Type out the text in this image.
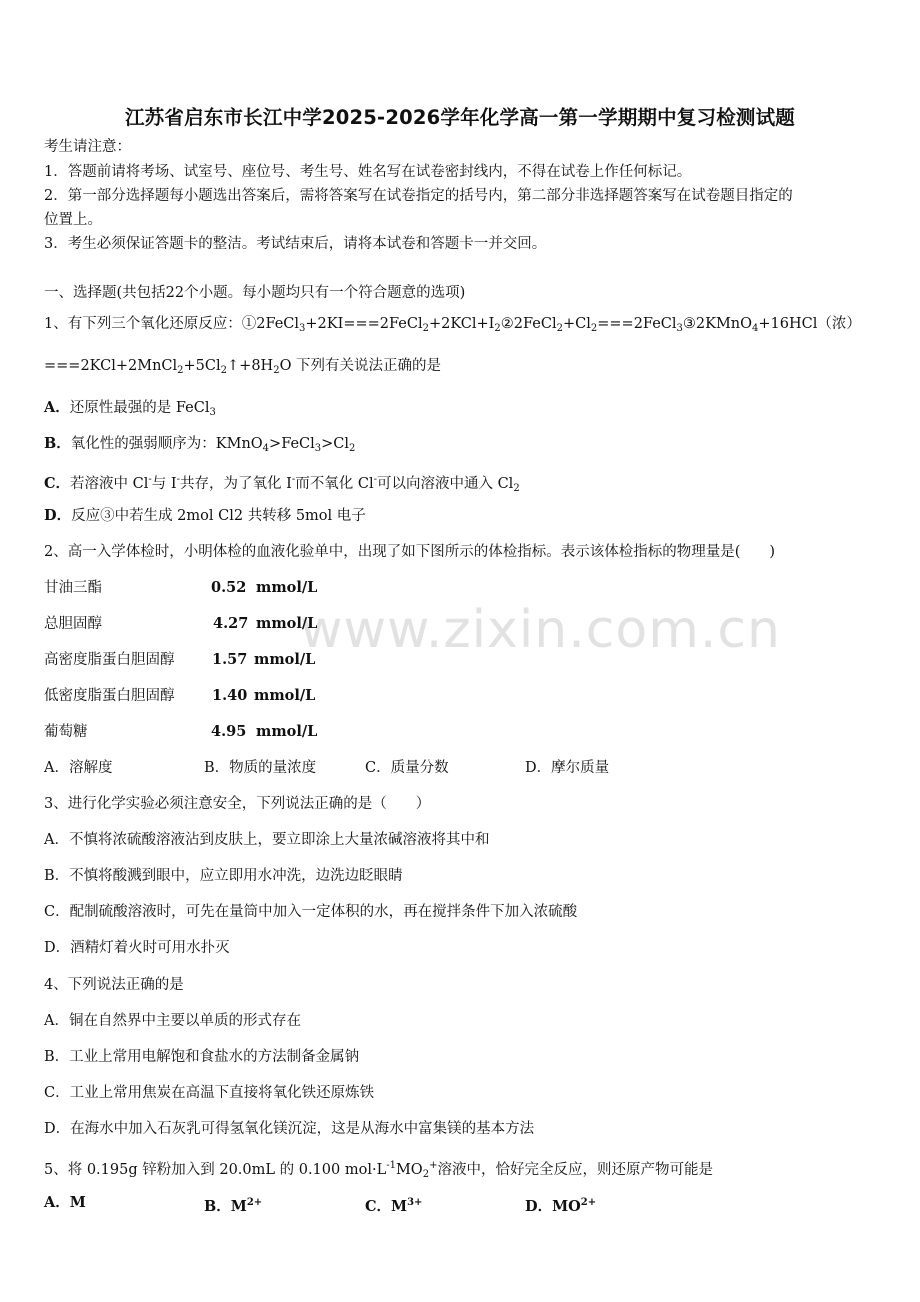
www.zixin.com.cn
江苏省启东市长江中学2025-2026学年化学高一第一学期期中复习检测试题
考生请注意：
1．答题前请将考场、试室号、座位号、考生号、姓名写在试卷密封线内，不得在试卷上作任何标记。
2．第一部分选择题每小题选出答案后，需将答案写在试卷指定的括号内，第二部分非选择题答案写在试卷题目指定的
位置上。
3．考生必须保证答题卡的整洁。考试结束后，请将本试卷和答题卡一并交回。
一、选择题(共包括22个小题。每小题均只有一个符合题意的选项)
1、有下列三个氧化还原反应：$①2FeCl_3+2KI===2FeCl_2+2KCl+I_2②2FeCl_2+Cl_2===2FeCl_3③2KMnO_4+16HCl$（浓）
$===2KCl+2MnCl_2+5Cl_2↑+8H_2O$ 下列有关说法正确的是
A．还原性最强的是 FeCl$_3$
B．氧化性的强弱顺序为：$KMnO_4>FeCl_3>Cl_2$
C．若溶液中 Cl-与 I-共存，为了氧化 I-而不氧化 Cl-可以向溶液中通入 $Cl_2$
D．反应③中若生成 2mol Cl2 共转移 5mol 电子
2、高一入学体检时，小明体检的血液化验单中，出现了如下图所示的体检指标。表示该体检指标的物理量是(　　)
甘油三酯	0.52 mmol/L
总胆固醇	4.27 mmol/L
高密度脂蛋白胆固醇	1.57 mmol/L
低密度脂蛋白胆固醇	1.40 mmol/L
葡萄糖	4.95 mmol/L
A．溶解度	B．物质的量浓度	C．质量分数	D．摩尔质量
3、进行化学实验必须注意安全，下列说法正确的是（　　）
A．不慎将浓硫酸溶液沾到皮肤上，要立即涂上大量浓碱溶液将其中和
B．不慎将酸溅到眼中，应立即用水冲洗，边洗边眨眼睛
C．配制硫酸溶液时，可先在量筒中加入一定体积的水，再在搅拌条件下加入浓硫酸
D．酒精灯着火时可用水扑灭
4、下列说法正确的是
A．铜在自然界中主要以单质的形式存在
B．工业上常用电解饱和食盐水的方法制备金属钠
C．工业上常用焦炭在高温下直接将氧化铁还原炼铁
D．在海水中加入石灰乳可得氢氧化镁沉淀，这是从海水中富集镁的基本方法
5、将 0.195g 锌粉加入到 20.0mL 的 0.100 $mol\cdot L^{-1}MO_2^+$溶液中，恰好完全反应，则还原产物可能是
A．M	B．$M^{2+}$	C．$M^{3+}$	D．$MO^{2+}$
